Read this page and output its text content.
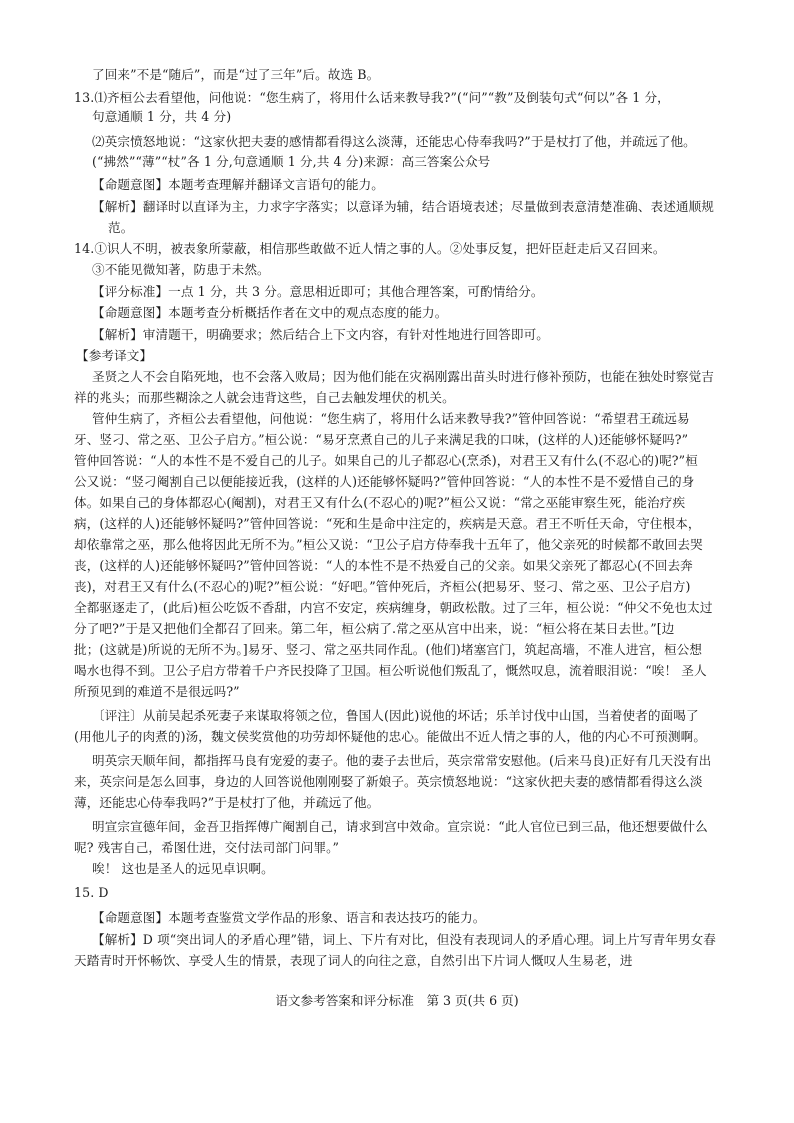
了回来”不是“随后”，而是“过了三年”后。故选 B。
13.⑴齐桓公去看望他，问他说：“您生病了，将用什么话来教导我?”(“问”“教”及倒装句式“何以”各 1 分，
句意通顺 1 分，共 4 分)
⑵英宗愤怒地说：“这家伙把夫妻的感情都看得这么淡薄，还能忠心侍奉我吗?”于是杖打了他，并疏远了他。
(“拂然”“薄”“杖”各 1 分,句意通顺 1 分,共 4 分)来源：高三答案公众号
【命题意图】本题考查理解并翻译文言语句的能力。
【解析】翻译时以直译为主，力求字字落实；以意译为辅，结合语境表述；尽量做到表意清楚准确、表述通顺规
范。
14.①识人不明，被表象所蒙蔽，相信那些敢做不近人情之事的人。②处事反复，把奸臣赶走后又召回来。
③不能见微知著，防患于未然。
【评分标准】一点 1 分，共 3 分。意思相近即可；其他合理答案，可酌情给分。
【命题意图】本题考查分析概括作者在文中的观点态度的能力。
【解析】审清题干，明确要求；然后结合上下文内容，有针对性地进行回答即可。
【参考译文】
圣贤之人不会自陷死地，也不会落入败局；因为他们能在灾祸刚露出苗头时进行修补预防，也能在独处时察觉吉
祥的兆头；而那些糊涂之人就会违背这些，自己去触发埋伏的机关。
管仲生病了，齐桓公去看望他，问他说：“您生病了，将用什么话来教导我?”管仲回答说：“希望君王疏远易
牙、竖刁、常之巫、卫公子启方。”桓公说：“易牙烹煮自己的儿子来满足我的口味，(这样的人)还能够怀疑吗?”
管仲回答说：“人的本性不是不爱自己的儿子。如果自己的儿子都忍心(烹杀)，对君王又有什么(不忍心的)呢?”桓
公又说：“竖刁阉割自己以便能接近我，(这样的人)还能够怀疑吗?”管仲回答说：“人的本性不是不爱惜自己的身
体。如果自己的身体都忍心(阉割)，对君王又有什么(不忍心的)呢?”桓公又说：“常之巫能审察生死，能治疗疾
病，(这样的人)还能够怀疑吗?”管仲回答说：“死和生是命中注定的，疾病是天意。君王不听任天命，守住根本，
却依靠常之巫，那么他将因此无所不为。”桓公又说：“卫公子启方侍奉我十五年了，他父亲死的时候都不敢回去哭
丧，(这样的人)还能够怀疑吗?”管仲回答说：“人的本性不是不热爱自己的父亲。如果父亲死了都忍心(不回去奔
丧)，对君王又有什么(不忍心的)呢?”桓公说：“好吧。”管仲死后，齐桓公(把易牙、竖刁、常之巫、卫公子启方)
全都驱逐走了，(此后)桓公吃饭不香甜，内宫不安定，疾病缠身，朝政松散。过了三年，桓公说：“仲父不免也太过
分了吧?”于是又把他们全都召了回来。第二年，桓公病了.常之巫从宫中出来，说：“桓公将在某日去世。”[边
批；(这就是)所说的无所不为。]易牙、竖刁、常之巫共同作乱。(他们)堵塞宫门，筑起高墙，不准人进宫，桓公想
喝水也得不到。卫公子启方带着千户齐民投降了卫国。桓公听说他们叛乱了，慨然叹息，流着眼泪说：“唉！ 圣人
所预见到的难道不是很远吗?”
〔评注〕从前吴起杀死妻子来谋取将领之位，鲁国人(因此)说他的坏话；乐羊讨伐中山国，当着使者的面喝了
(用他儿子的肉煮的)汤，魏文侯奖赏他的功劳却怀疑他的忠心。能做出不近人情之事的人，他的内心不可预测啊。
明英宗天顺年间，都指挥马良有宠爱的妻子。他的妻子去世后，英宗常常安慰他。(后来马良)正好有几天没有出
来，英宗问是怎么回事，身边的人回答说他刚刚娶了新娘子。英宗愤怒地说：“这家伙把夫妻的感情都看得这么淡
薄，还能忠心侍奉我吗?”于是杖打了他，并疏远了他。
明宣宗宣德年间，金吾卫指挥傅广阉割自己，请求到宫中效命。宣宗说：“此人官位已到三品，他还想要做什么
呢? 残害自己，希图仕进，交付法司部门问罪。”
唉！ 这也是圣人的远见卓识啊。
15. D
【命题意图】本题考查鉴赏文学作品的形象、语言和表达技巧的能力。
【解析】D 项“突出词人的矛盾心理”错，词上、下片有对比，但没有表现词人的矛盾心理。词上片写青年男女春
天踏青时开怀畅饮、享受人生的情景，表现了词人的向往之意，自然引出下片词人慨叹人生易老，进
语文参考答案和评分标准　第 3 页(共 6 页)
